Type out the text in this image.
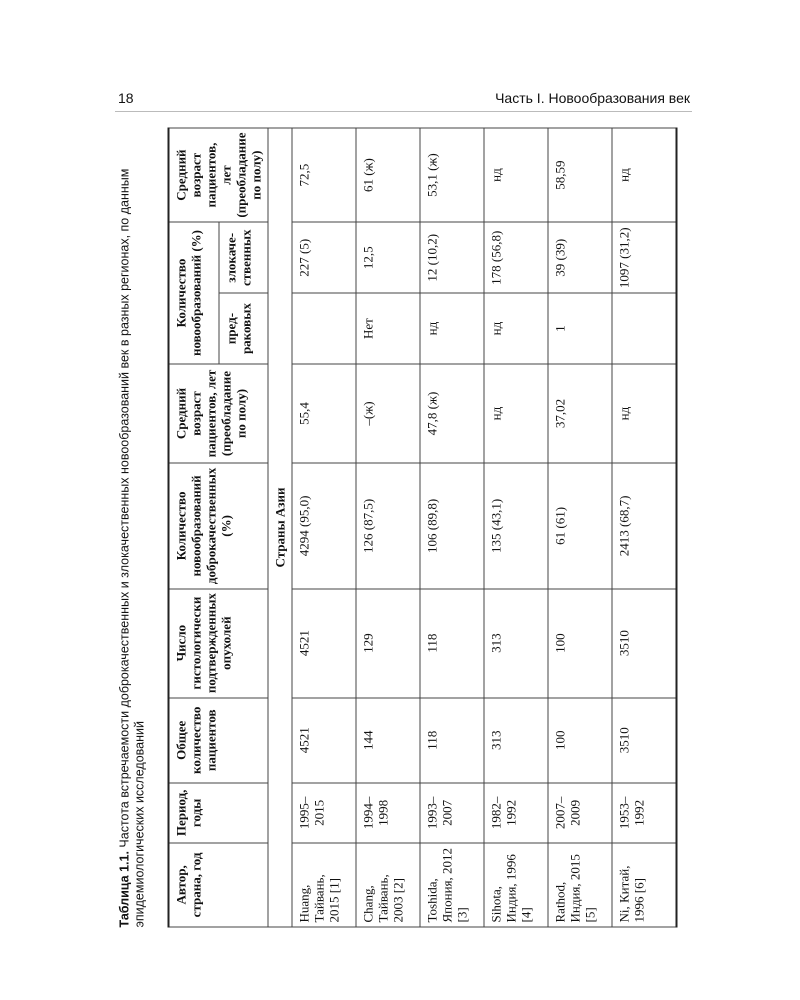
18	Часть I. Новообразования век
Таблица 1.1. Частота встречаемости доброкачественных и злокачественных новообразований век в разных регионах, по данным эпидемиологических исследований Автор, страна, год	Период, годы	Общее количество пациентов	Число гистологически подтвержденных опухолей	Количество новообразований доброкачественных (%)	Средний возраст пациентов, лет (преобладание по полу)	Количество новообразований (%)		Средний возраст пациентов, лет (преобладание по полу)
						пред-раковых	злокаче-ственных	
Страны Азии								
Huang, Тайвань, 2015 [1]	1995–2015	4521	4521	4294 (95,0)	55,4		227 (5)	72,5
Chang, Тайвань, 2003 [2]	1994–1998	144	129	126 (87,5)	–(ж)	Нет	12,5	61 (ж)
Toshida, Япония, 2012 [3]	1993–2007	118	118	106 (89,8)	47,8 (ж)	нд	12 (10,2)	53,1 (ж)
Sihota, Индия, 1996 [4]	1982–1992	313	313	135 (43,1)	нд	нд	178 (56,8)	нд
Rathod, Индия, 2015 [5]	2007–2009	100	100	61 (61)	37,02	1	39 (39)	58,59
Ni, Китай, 1996 [6]	1953–1992	3510	3510	2413 (68,7)	нд		1097 (31,2)	нд
